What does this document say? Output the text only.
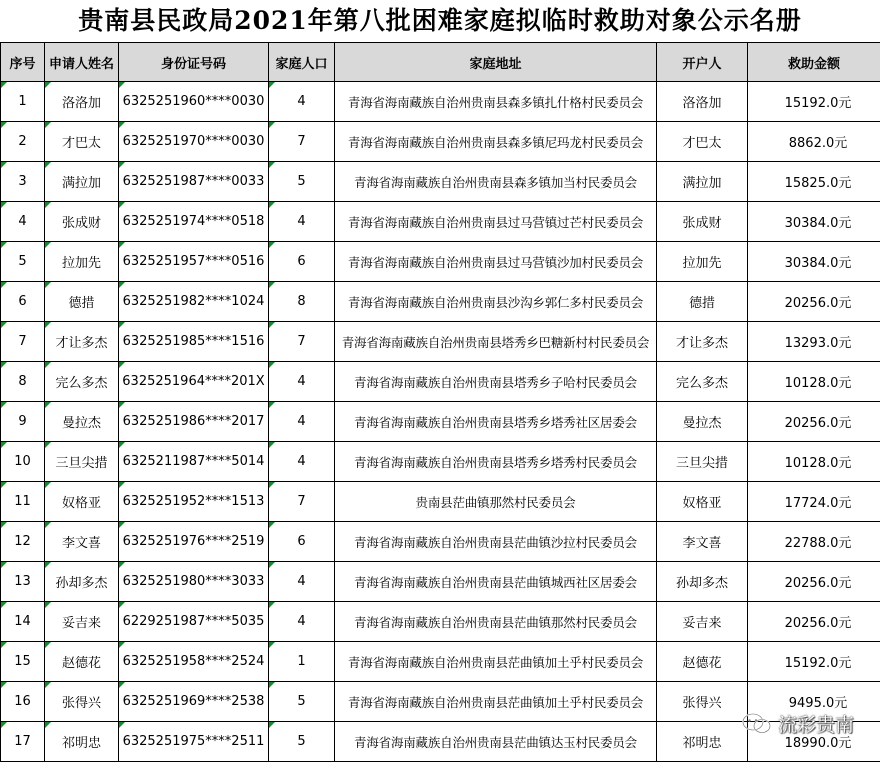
贵南县民政局2021年第八批困难家庭拟临时救助对象公示名册
序号	申请人姓名	身份证号码	家庭人口	家庭地址	开户人	救助金额
1	洛洛加	6325251960****0030	4	青海省海南藏族自治州贵南县森多镇扎什格村民委员会	洛洛加	15192.0元
2	才巴太	6325251970****0030	7	青海省海南藏族自治州贵南县森多镇尼玛龙村民委员会	才巴太	8862.0元
3	满拉加	6325251987****0033	5	青海省海南藏族自治州贵南县森多镇加当村民委员会	满拉加	15825.0元
4	张成财	6325251974****0518	4	青海省海南藏族自治州贵南县过马营镇过芒村民委员会	张成财	30384.0元
5	拉加先	6325251957****0516	6	青海省海南藏族自治州贵南县过马营镇沙加村民委员会	拉加先	30384.0元
6	德措	6325251982****1024	8	青海省海南藏族自治州贵南县沙沟乡郭仁多村民委员会	德措	20256.0元
7	才让多杰	6325251985****1516	7	青海省海南藏族自治州贵南县塔秀乡巴糖新村村民委员会	才让多杰	13293.0元
8	完么多杰	6325251964****201X	4	青海省海南藏族自治州贵南县塔秀乡子哈村民委员会	完么多杰	10128.0元
9	曼拉杰	6325251986****2017	4	青海省海南藏族自治州贵南县塔秀乡塔秀社区居委会	曼拉杰	20256.0元
10	三旦尖措	6325211987****5014	4	青海省海南藏族自治州贵南县塔秀乡塔秀村民委员会	三旦尖措	10128.0元
11	奴格亚	6325251952****1513	7	贵南县茫曲镇那然村民委员会	奴格亚	17724.0元
12	李文喜	6325251976****2519	6	青海省海南藏族自治州贵南县茫曲镇沙拉村民委员会	李文喜	22788.0元
13	孙却多杰	6325251980****3033	4	青海省海南藏族自治州贵南县茫曲镇城西社区居委会	孙却多杰	20256.0元
14	妥吉来	6229251987****5035	4	青海省海南藏族自治州贵南县茫曲镇那然村民委员会	妥吉来	20256.0元
15	赵德花	6325251958****2524	1	青海省海南藏族自治州贵南县茫曲镇加土乎村民委员会	赵德花	15192.0元
16	张得兴	6325251969****2538	5	青海省海南藏族自治州贵南县茫曲镇加土乎村民委员会	张得兴	9495.0元
17	祁明忠	6325251975****2511	5	青海省海南藏族自治州贵南县茫曲镇达玉村民委员会	祁明忠	18990.0元
流彩贵南
